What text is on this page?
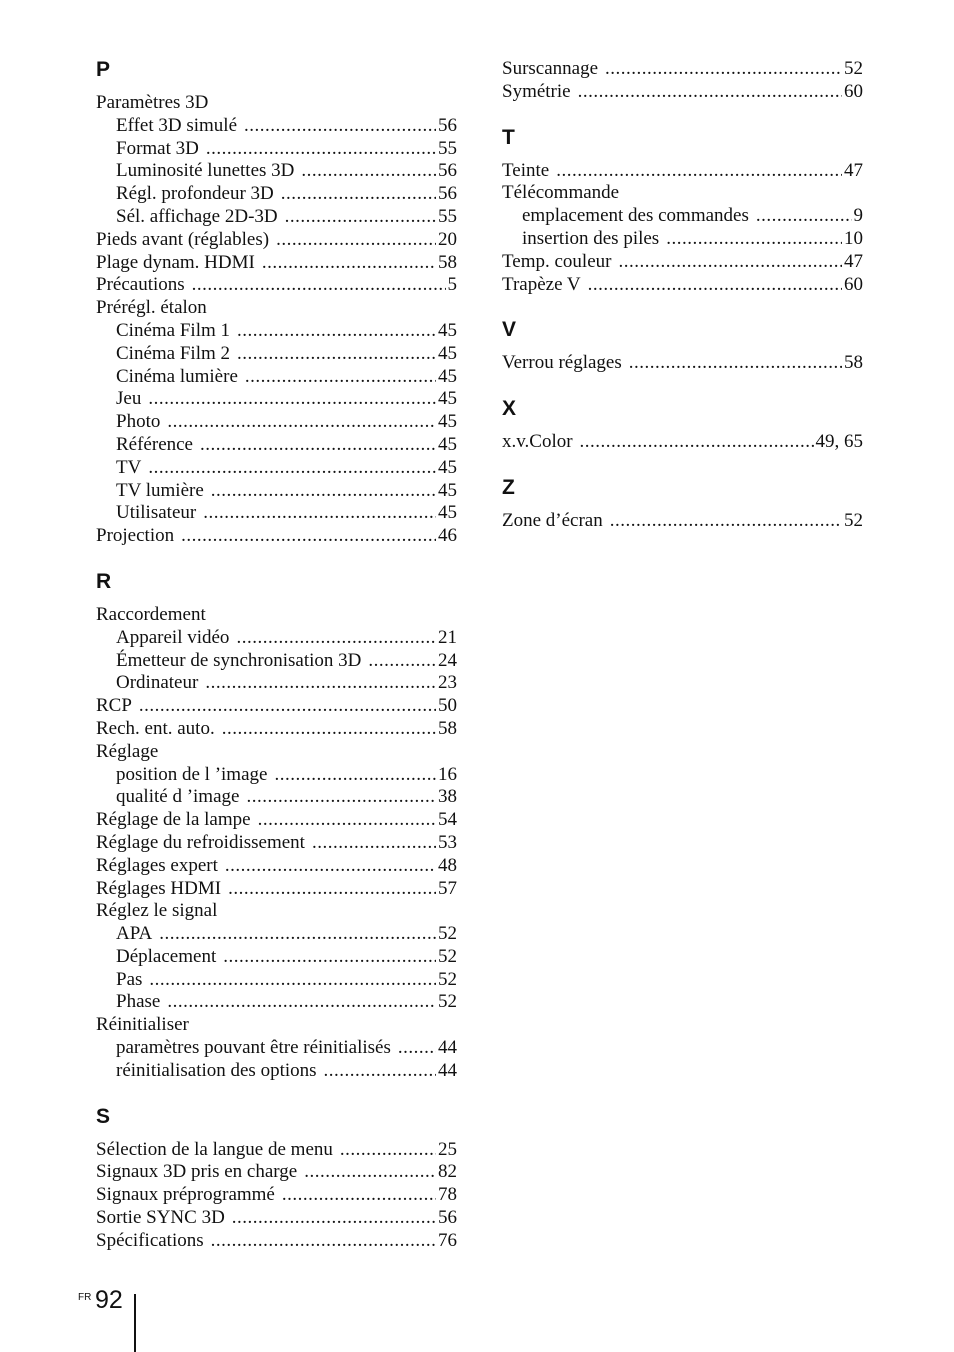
P
Paramètres 3D
Effet 3D simulé .....	56
Format 3D .....	55
Luminosité lunettes 3D .....	56
Régl. profondeur 3D .....	56
Sél. affichage 2D-3D .....	55
Pieds avant (réglables) .....	20
Plage dynam. HDMI .....	58
Précautions .....	5
Prérégl. étalon
Cinéma Film 1 .....	45
Cinéma Film 2 .....	45
Cinéma lumière .....	45
Jeu .....	45
Photo .....	45
Référence .....	45
TV .....	45
TV lumière .....	45
Utilisateur .....	45
Projection .....	46
R
Raccordement
Appareil vidéo .....	21
Émetteur de synchronisation 3D .....	24
Ordinateur .....	23
RCP .....	50
Rech. ent. auto. .....	58
Réglage
position de l ’image .....	16
qualité d ’image .....	38
Réglage de la lampe .....	54
Réglage du refroidissement .....	53
Réglages expert .....	48
Réglages HDMI .....	57
Réglez le signal
APA .....	52
Déplacement .....	52
Pas .....	52
Phase .....	52
Réinitialiser
paramètres pouvant être réinitialisés ..... 44
réinitialisation des options .....	44
S
Sélection de la langue de menu .....	25
Signaux 3D pris en charge .....	82
Signaux préprogrammé .....	78
Sortie SYNC 3D .....	56
Spécifications .....	76
Surscannage .....	52
Symétrie .....	60
T
Teinte .....	47
Télécommande
emplacement des commandes .....	9
insertion des piles .....	10
Temp. couleur .....	47
Trapèze V .....	60
V
Verrou réglages .....	58
X
x.v.Color .....	49, 65
Z
Zone d’écran .....	52
FR 92
